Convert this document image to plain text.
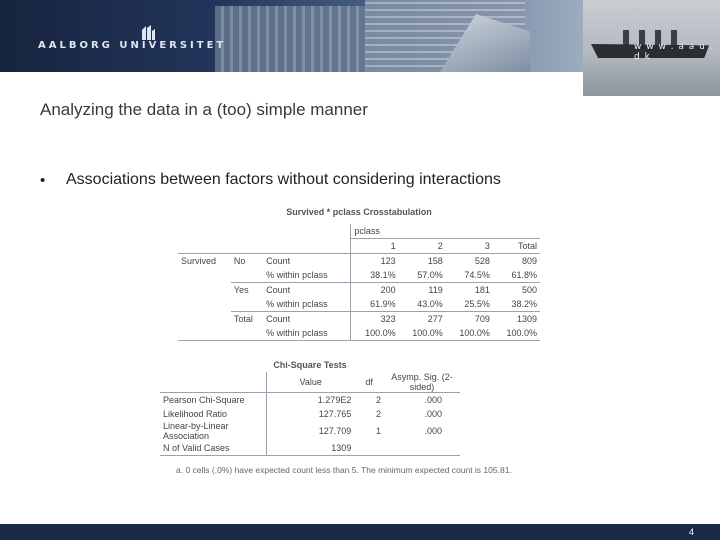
AALBORG UNIVERSITET	w w w . a a u . d k
Analyzing the data in a (too) simple manner
• Associations between factors without considering interactions
Survived * pclass Crosstabulation
			pclass			
			1	2	3	Total
Survived	No	Count	123	158	528	809
		% within pclass	38.1%	57.0%	74.5%	61.8%
	Yes	Count	200	119	181	500
		% within pclass	61.9%	43.0%	25.5%	38.2%
	Total	Count	323	277	709	1309
		% within pclass	100.0%	100.0%	100.0%	100.0%
Chi-Square Tests
	Value	df	Asymp. Sig. (2-sided)
Pearson Chi-Square	1.279E2	2	.000
Likelihood Ratio	127.765	2	.000
Linear-by-Linear Association	127.709	1	.000
N of Valid Cases	1309		
a. 0 cells (.0%) have expected count less than 5. The minimum expected count is 105.81.
4
